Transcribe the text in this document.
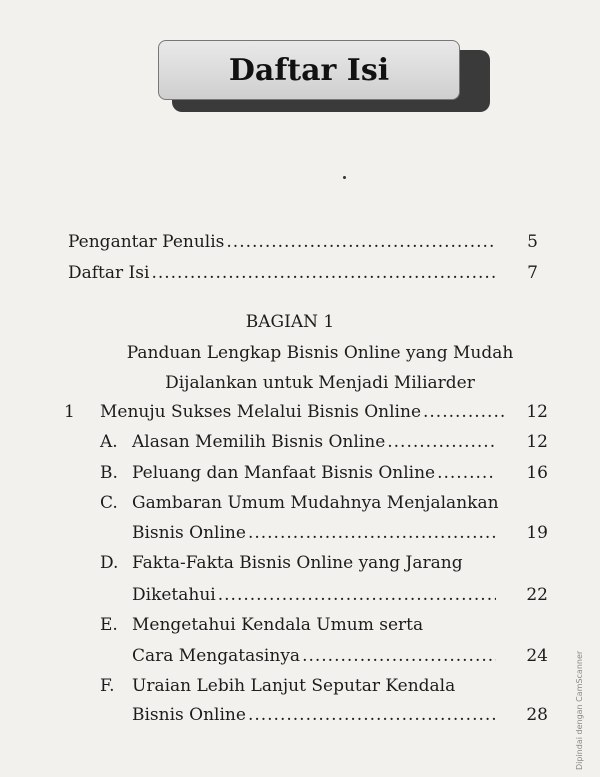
Daftar Isi
Pengantar Penulis .....	5
Daftar Isi .....	7
BAGIAN 1
Panduan Lengkap Bisnis Online yang Mudah
Dijalankan untuk Menjadi Miliarder
1 Menuju Sukses Melalui Bisnis Online .....	12
A. Alasan Memilih Bisnis Online .....	12
B. Peluang dan Manfaat Bisnis Online .....	16
C. Gambaran Umum Mudahnya Menjalankan
Bisnis Online .....	19
D. Fakta-Fakta Bisnis Online yang Jarang
Diketahui .....	22
E. Mengetahui Kendala Umum serta
Cara Mengatasinya .....	24
F. Uraian Lebih Lanjut Seputar Kendala
Bisnis Online .....	28	Dipindai dengan CamScanner
